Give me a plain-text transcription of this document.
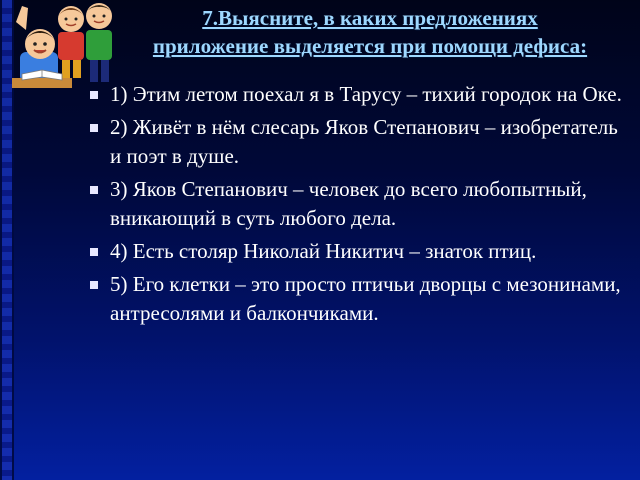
7.Выясните, в каких предложениях
приложение выделяется при помощи дефиса:
1) Этим летом поехал я в Тарусу – тихий городок на Оке.
2) Живёт в нём слесарь Яков Степанович – изобретатель и поэт в душе.
3) Яков Степанович – человек до всего любопытный, вникающий в суть любого дела.
4) Есть столяр Николай Никитич – знаток птиц.
5) Его клетки – это просто птичьи дворцы с мезонинами, антресолями и балкончиками.
